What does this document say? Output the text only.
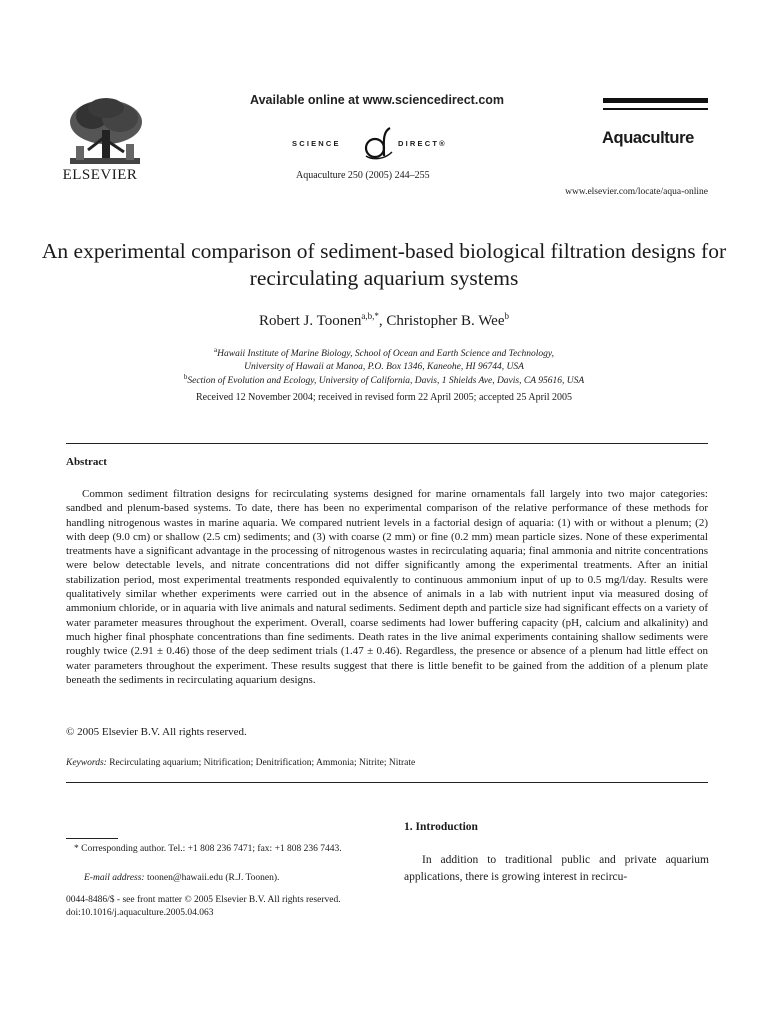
ELSEVIER
Available online at www.sciencedirect.com
SCIENCE	DIRECT®
Aquaculture 250 (2005) 244–255
Aquaculture
www.elsevier.com/locate/aqua-online
An experimental comparison of sediment-based biological filtration designs for recirculating aquarium systems
Robert J. Toonen$^{a,b,*}$, Christopher B. Wee$^b$
$^a$Hawaii Institute of Marine Biology, School of Ocean and Earth Science and Technology,
University of Hawaii at Manoa, P.O. Box 1346, Kaneohe, HI 96744, USA
$^b$Section of Evolution and Ecology, University of California, Davis, 1 Shields Ave, Davis, CA 95616, USA
Received 12 November 2004; received in revised form 22 April 2005; accepted 25 April 2005
Abstract
Common sediment filtration designs for recirculating systems designed for marine ornamentals fall largely into two major categories: sandbed and plenum-based systems. To date, there has been no experimental comparison of the relative performance of these methods for handling nitrogenous wastes in marine aquaria. We compared nutrient levels in a factorial design of aquaria: (1) with or without a plenum; (2) with deep (9.0 cm) or shallow (2.5 cm) sediments; and (3) with coarse (2 mm) or fine (0.2 mm) mean particle sizes. None of these experimental treatments have a significant advantage in the processing of nitrogenous wastes in recirculating aquaria; final ammonia and nitrite concentrations were below detectable levels, and nitrate concentrations did not differ significantly among the experimental treatments. After an initial stabilization period, most experimental treatments responded equivalently to continuous ammonium input of up to 0.5 mg/l/day. Results were qualitatively similar whether experiments were carried out in the absence of animals in a lab with nutrient input via measured dosing of ammonium chloride, or in aquaria with live animals and natural sediments. Sediment depth and particle size had significant effects on a variety of water parameter measures throughout the experiment. Overall, coarse sediments had lower buffering capacity (pH, calcium and alkalinity) and much higher final phosphate concentrations than fine sediments. Death rates in the live animal experiments containing shallow sediments were roughly twice (2.91 ± 0.46) those of the deep sediment trials (1.47 ± 0.46). Regardless, the presence or absence of a plenum had little effect on water parameters throughout the experiment. These results suggest that there is little benefit to be gained from the addition of a plenum plate beneath the sediments in recirculating aquarium designs.
© 2005 Elsevier B.V. All rights reserved.
Keywords: Recirculating aquarium; Nitrification; Denitrification; Ammonia; Nitrite; Nitrate
1. Introduction
In addition to traditional public and private aquarium applications, there is growing interest in recircu-
* Corresponding author. Tel.: +1 808 236 7471; fax: +1 808 236 7443.
E-mail address: toonen@hawaii.edu (R.J. Toonen).
0044-8486/$ - see front matter © 2005 Elsevier B.V. All rights reserved.
doi:10.1016/j.aquaculture.2005.04.063
